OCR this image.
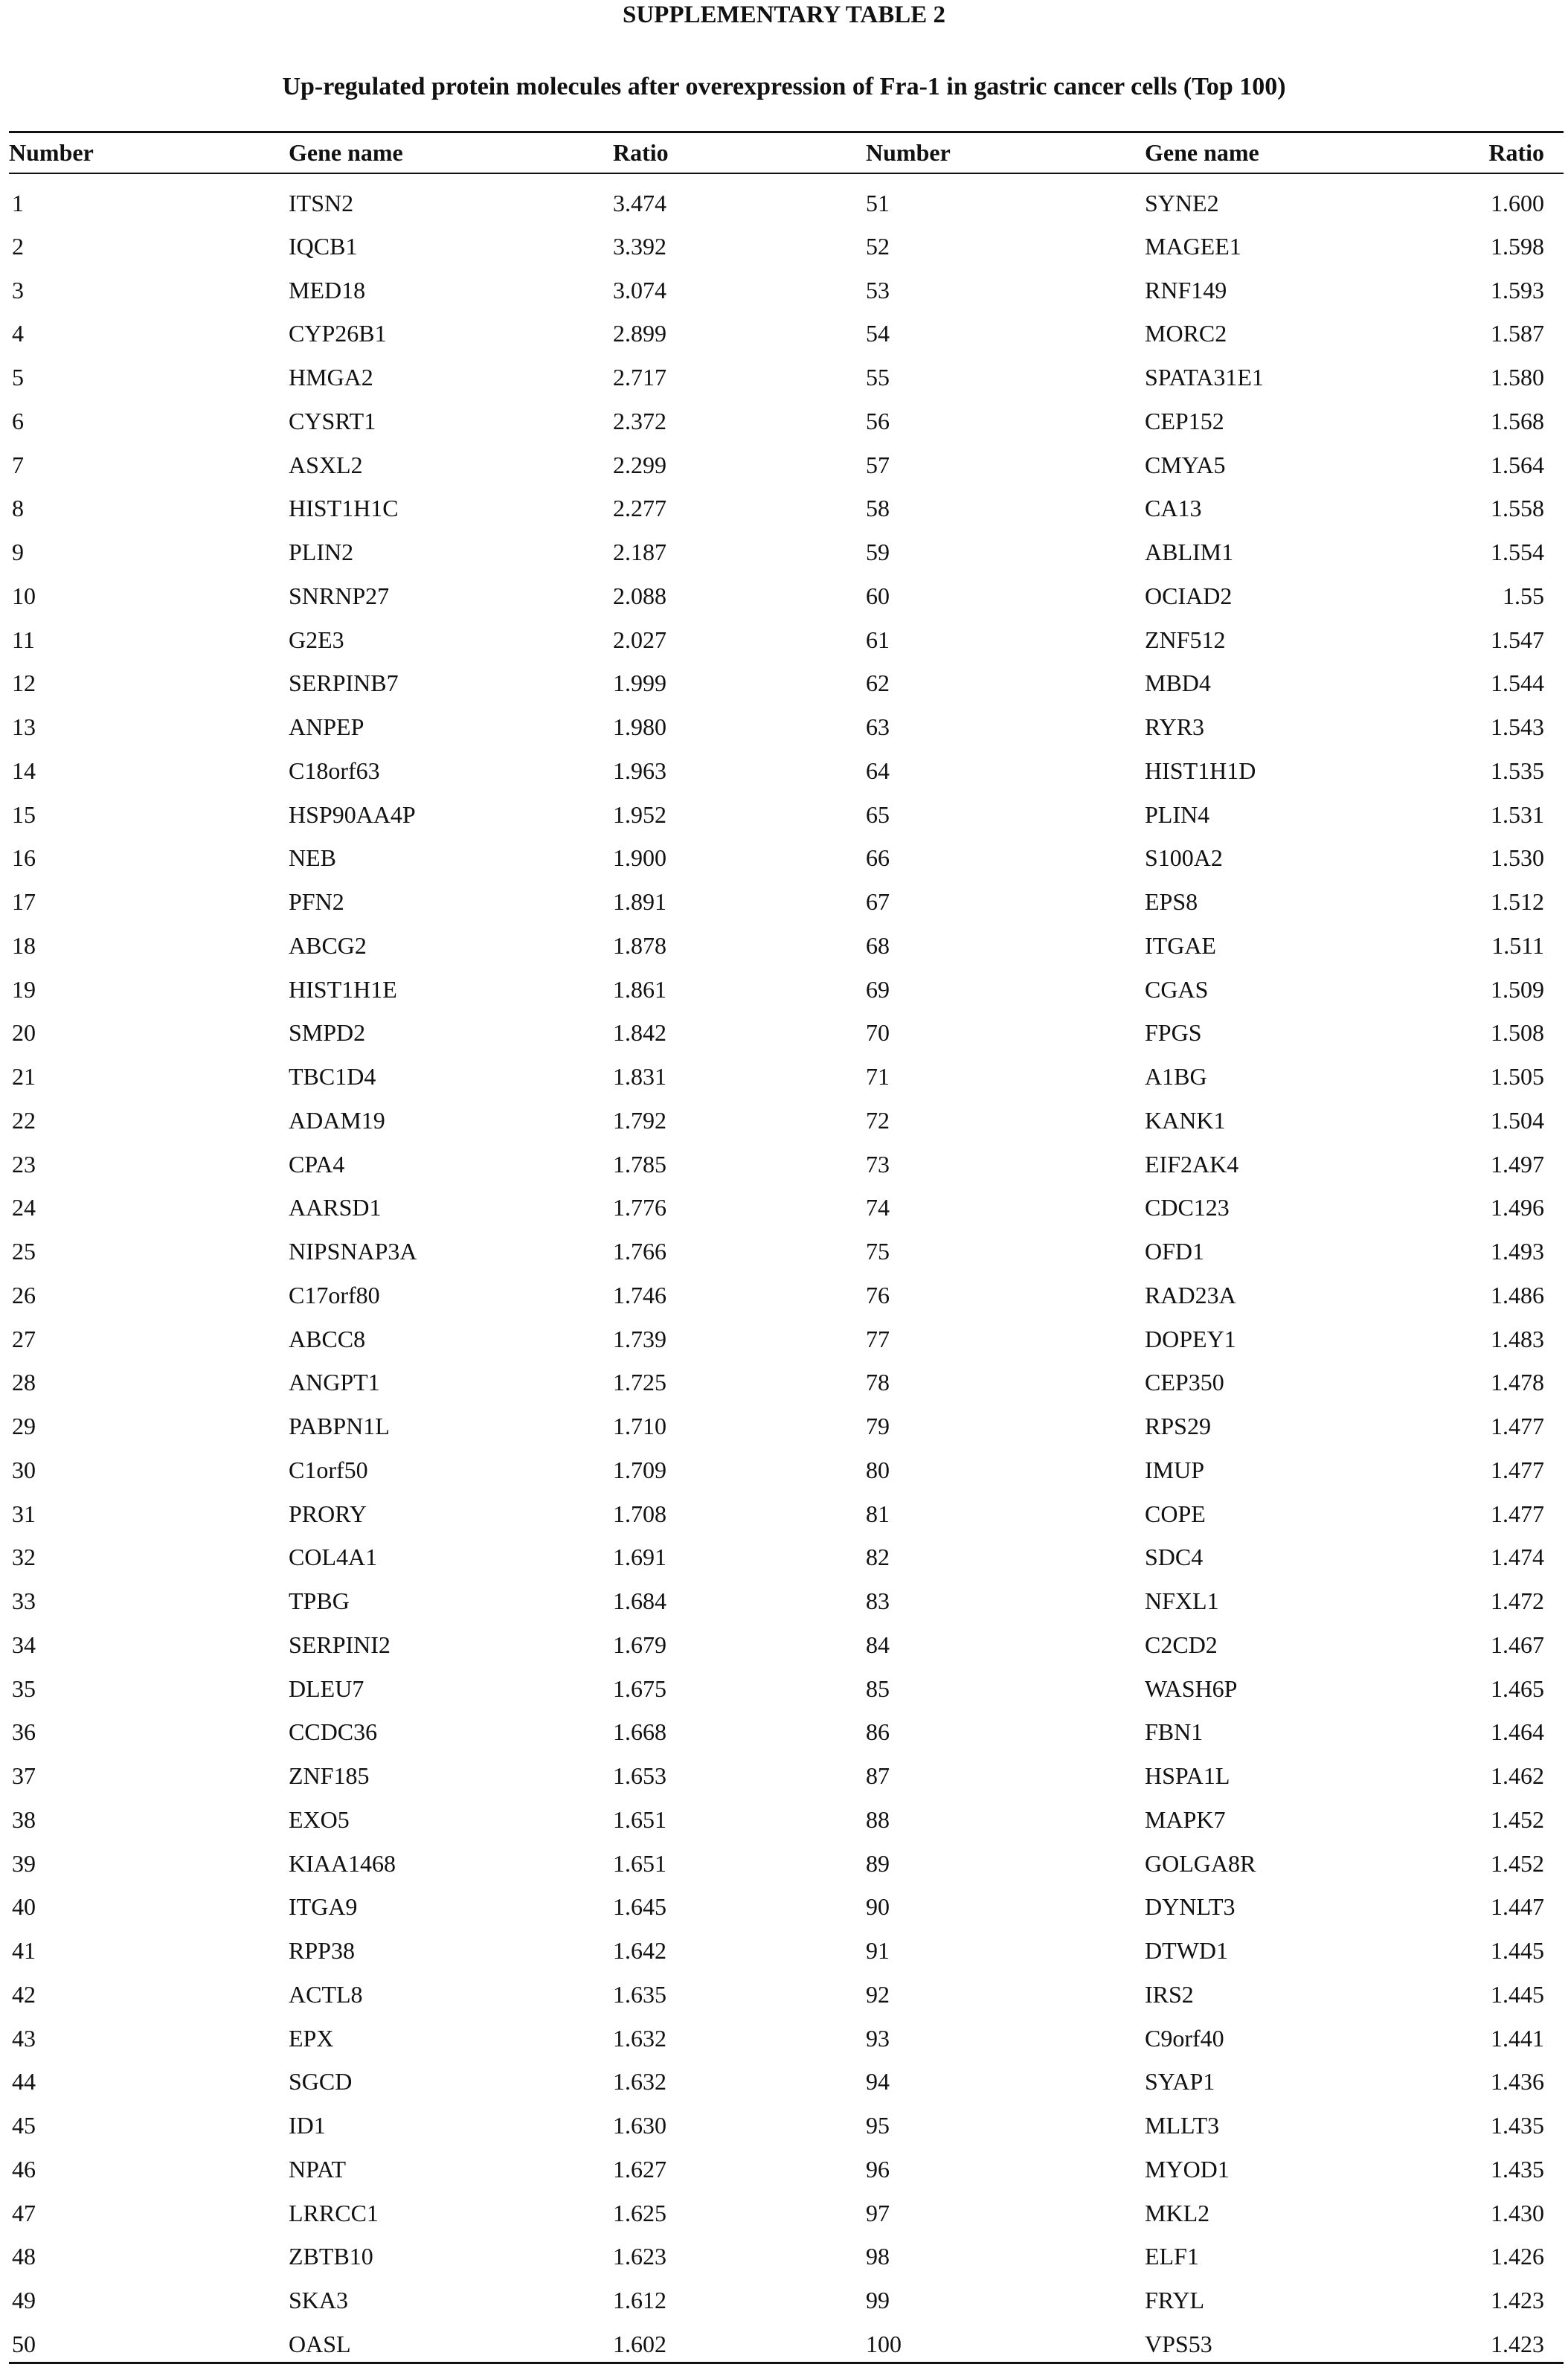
SUPPLEMENTARY TABLE 2
Up-regulated protein molecules after overexpression of Fra-1 in gastric cancer cells (Top 100)
Number	Gene name	Ratio	Number	Gene name	Ratio
1	ITSN2	3.474	51	SYNE2	1.600
2	IQCB1	3.392	52	MAGEE1	1.598
3	MED18	3.074	53	RNF149	1.593
4	CYP26B1	2.899	54	MORC2	1.587
5	HMGA2	2.717	55	SPATA31E1	1.580
6	CYSRT1	2.372	56	CEP152	1.568
7	ASXL2	2.299	57	CMYA5	1.564
8	HIST1H1C	2.277	58	CA13	1.558
9	PLIN2	2.187	59	ABLIM1	1.554
10	SNRNP27	2.088	60	OCIAD2	1.55
11	G2E3	2.027	61	ZNF512	1.547
12	SERPINB7	1.999	62	MBD4	1.544
13	ANPEP	1.980	63	RYR3	1.543
14	C18orf63	1.963	64	HIST1H1D	1.535
15	HSP90AA4P	1.952	65	PLIN4	1.531
16	NEB	1.900	66	S100A2	1.530
17	PFN2	1.891	67	EPS8	1.512
18	ABCG2	1.878	68	ITGAE	1.511
19	HIST1H1E	1.861	69	CGAS	1.509
20	SMPD2	1.842	70	FPGS	1.508
21	TBC1D4	1.831	71	A1BG	1.505
22	ADAM19	1.792	72	KANK1	1.504
23	CPA4	1.785	73	EIF2AK4	1.497
24	AARSD1	1.776	74	CDC123	1.496
25	NIPSNAP3A	1.766	75	OFD1	1.493
26	C17orf80	1.746	76	RAD23A	1.486
27	ABCC8	1.739	77	DOPEY1	1.483
28	ANGPT1	1.725	78	CEP350	1.478
29	PABPN1L	1.710	79	RPS29	1.477
30	C1orf50	1.709	80	IMUP	1.477
31	PRORY	1.708	81	COPE	1.477
32	COL4A1	1.691	82	SDC4	1.474
33	TPBG	1.684	83	NFXL1	1.472
34	SERPINI2	1.679	84	C2CD2	1.467
35	DLEU7	1.675	85	WASH6P	1.465
36	CCDC36	1.668	86	FBN1	1.464
37	ZNF185	1.653	87	HSPA1L	1.462
38	EXO5	1.651	88	MAPK7	1.452
39	KIAA1468	1.651	89	GOLGA8R	1.452
40	ITGA9	1.645	90	DYNLT3	1.447
41	RPP38	1.642	91	DTWD1	1.445
42	ACTL8	1.635	92	IRS2	1.445
43	EPX	1.632	93	C9orf40	1.441
44	SGCD	1.632	94	SYAP1	1.436
45	ID1	1.630	95	MLLT3	1.435
46	NPAT	1.627	96	MYOD1	1.435
47	LRRCC1	1.625	97	MKL2	1.430
48	ZBTB10	1.623	98	ELF1	1.426
49	SKA3	1.612	99	FRYL	1.423
50	OASL	1.602	100	VPS53	1.423
